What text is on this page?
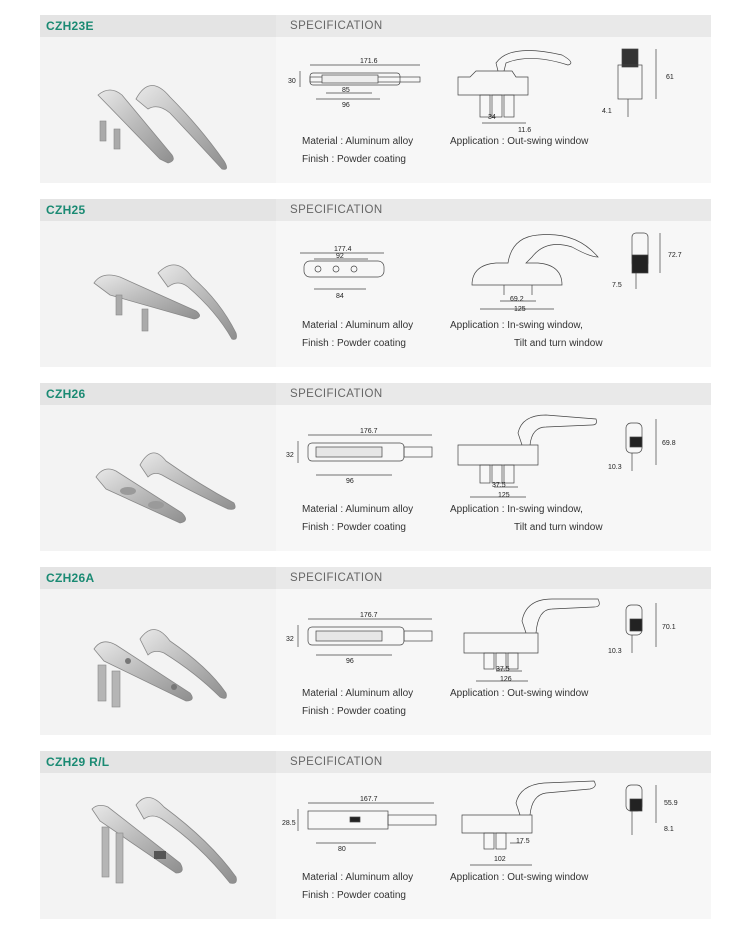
CZH23E	SPECIFICATION
171.6
85
96
30
34
11.6
61
4.1
Material : Aluminum alloy
Finish : Powder coating
Application : Out-swing window
CZH25	SPECIFICATION
177.4
92
84	69.2
125
72.7
7.5
Material : Aluminum alloy
Finish : Powder coating
Application : In-swing window,
Tilt and turn window
CZH26	SPECIFICATION
176.7
96
32
37.5
125
69.8
10.3
Material : Aluminum alloy
Finish : Powder coating
Application : In-swing window,
Tilt and turn window
CZH26A	SPECIFICATION
176.7
96
32
37.5
126
70.1
10.3
Material : Aluminum alloy
Finish : Powder coating
Application : Out-swing window
CZH29 R/L	SPECIFICATION
167.7
80
28.5
17.5
102
55.9
8.1
Material : Aluminum alloy
Finish : Powder coating
Application : Out-swing window
